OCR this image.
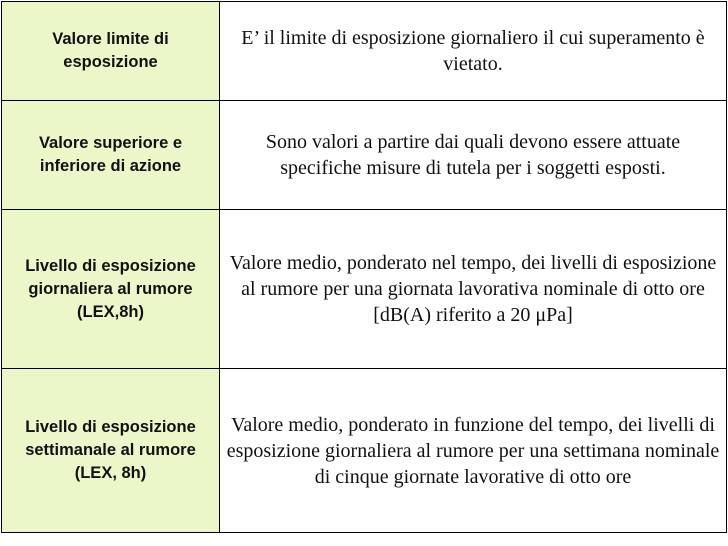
Valore limite di esposizione	E’ il limite di esposizione giornaliero il cui superamento è vietato.
Valore superiore e inferiore di azione	Sono valori a partire dai quali devono essere attuate specifiche misure di tutela per i soggetti esposti.
Livello di esposizione giornaliera al rumore (LEX,8h)	Valore medio, ponderato nel tempo, dei livelli di esposizione al rumore per una giornata lavorativa nominale di otto ore [dB(A) riferito a 20 μPa]
Livello di esposizione settimanale al rumore (LEX, 8h)	Valore medio, ponderato in funzione del tempo, dei livelli di esposizione giornaliera al rumore per una settimana nominale di cinque giornate lavorative di otto ore
